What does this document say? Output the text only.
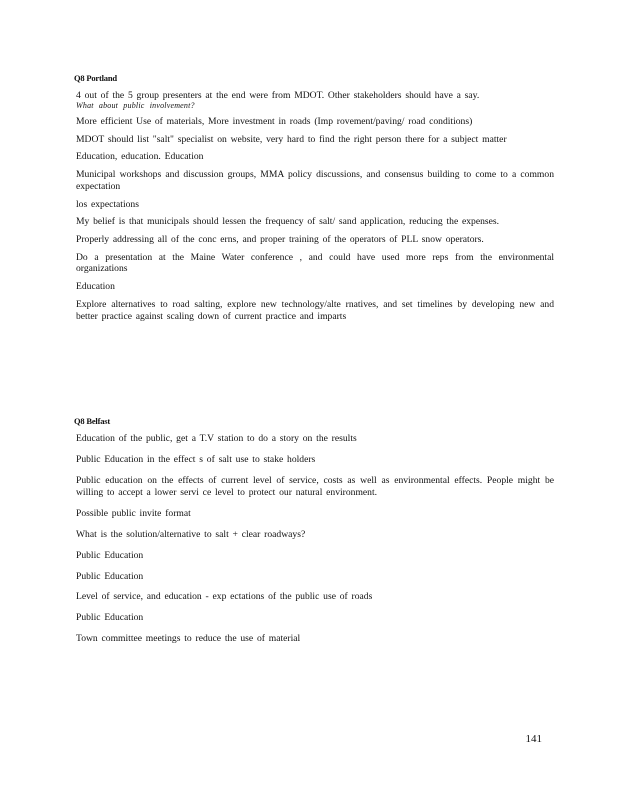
Q8 Portland
4 out of the 5 group presenters at the end were from MDOT. Other stakeholders should have a say.
What about public involvement?
More efficient Use of materials, More investment in roads (Imp rovement/paving/ road conditions)
MDOT should list "salt" specialist on website, very hard to find the right person there for a subject matter
Education, education. Education
Municipal workshops and discussion groups, MMA policy discussions, and consensus building to come to a common expectation
los expectations
My belief is that municipals should lessen the frequency of salt/ sand application, reducing the expenses.
Properly addressing all of the conc erns, and proper training of the operators of PLL snow operators.
Do a presentation at the Maine Water conference , and could have used more reps from the environmental organizations
Education
Explore alternatives to road salting, explore new technology/alte rnatives, and set timelines by developing new and better practice against scaling down of current practice and imparts
Q8 Belfast
Education of the public, get a T.V station to do a story on the results
Public Education in the effect s of salt use to stake holders
Public education on the effects of current level of service, costs as well as environmental effects. People might be willing to accept a lower servi ce level to protect our natural environment.
Possible public invite format
What is the solution/alternative to salt + clear roadways?
Public Education
Public Education
Level of service, and education - exp ectations of the public use of roads
Public Education
Town committee meetings to reduce the use of material
141
